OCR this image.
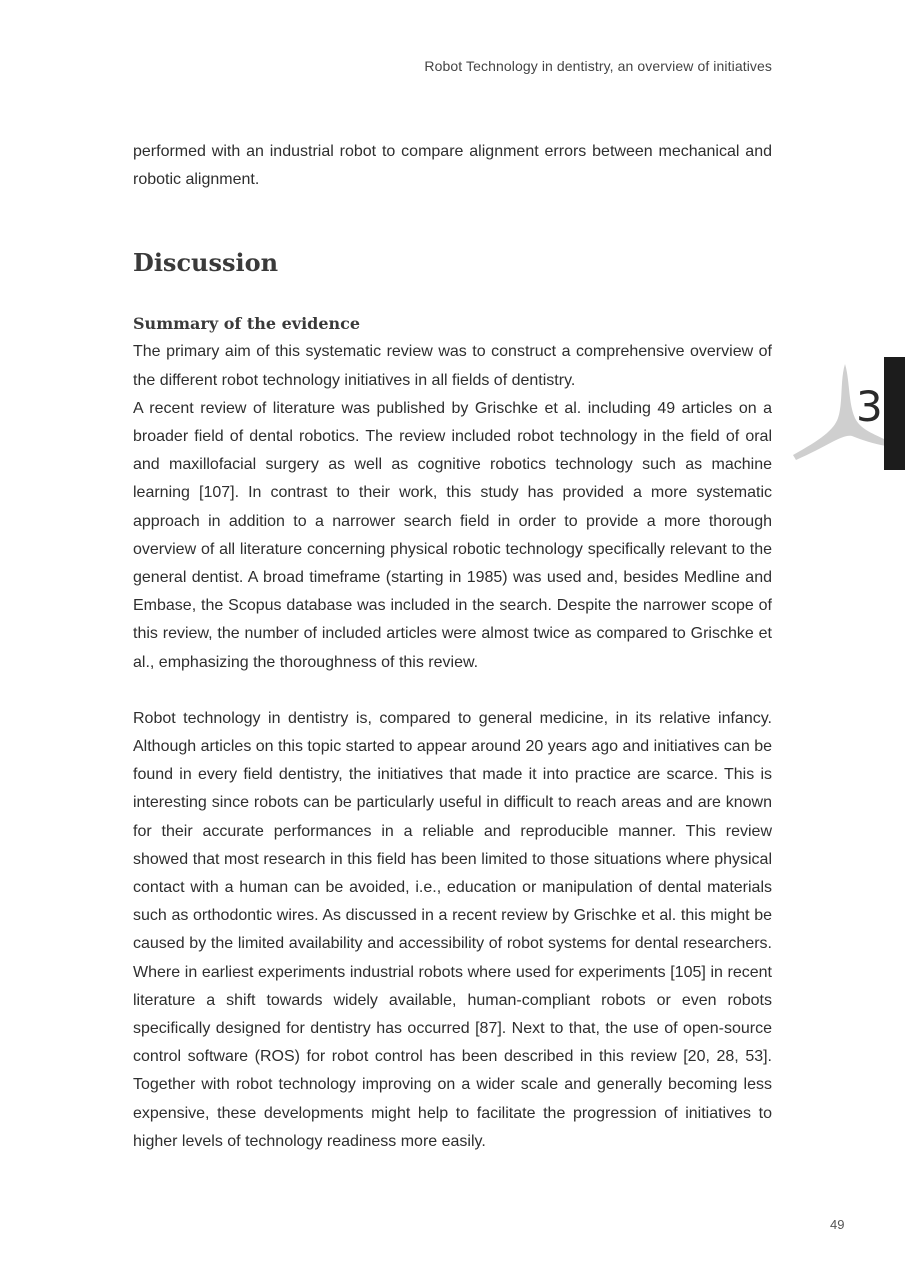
Robot Technology in dentistry, an overview of initiatives

performed with an industrial robot to compare alignment errors between mechanical and robotic alignment.

Discussion
Summary of the evidence

The primary aim of this systematic review was to construct a comprehensive overview of the different robot technology initiatives in all fields of dentistry.

A recent review of literature was published by Grischke et al. including 49 articles on a broader field of dental robotics. The review included robot technology in the field of oral and maxillofacial surgery as well as cognitive robotics technology such as machine learning [107]. In contrast to their work, this study has provided a more systematic approach in addition to a narrower search field in order to provide a more thorough overview of all literature concerning physical robotic technology specifically relevant to the general dentist. A broad timeframe (starting in 1985) was used and, besides Medline and Embase, the Scopus database was included in the search. Despite the narrower scope of this review, the number of included articles were almost twice as compared to Grischke et al., emphasizing the thoroughness of this review.

Robot technology in dentistry is, compared to general medicine, in its relative infancy. Although articles on this topic started to appear around 20 years ago and initiatives can be found in every field dentistry, the initiatives that made it into practice are scarce. This is interesting since robots can be particularly useful in difficult to reach areas and are known for their accurate performances in a reliable and reproducible manner. This review showed that most research in this field has been limited to those situations where physical contact with a human can be avoided, i.e., education or manipulation of dental materials such as orthodontic wires. As discussed in a recent review by Grischke et al. this might be caused by the limited availability and accessibility of robot systems for dental researchers. Where in earliest experiments industrial robots where used for experiments [105] in recent literature a shift towards widely available, human-compliant robots or even robots specifically designed for dentistry has occurred [87]. Next to that, the use of open-source control software (ROS) for robot control has been described in this review [20, 28, 53]. Together with robot technology improving on a wider scale and generally becoming less expensive, these developments might help to facilitate the progression of initiatives to higher levels of technology readiness more easily.

3
49
